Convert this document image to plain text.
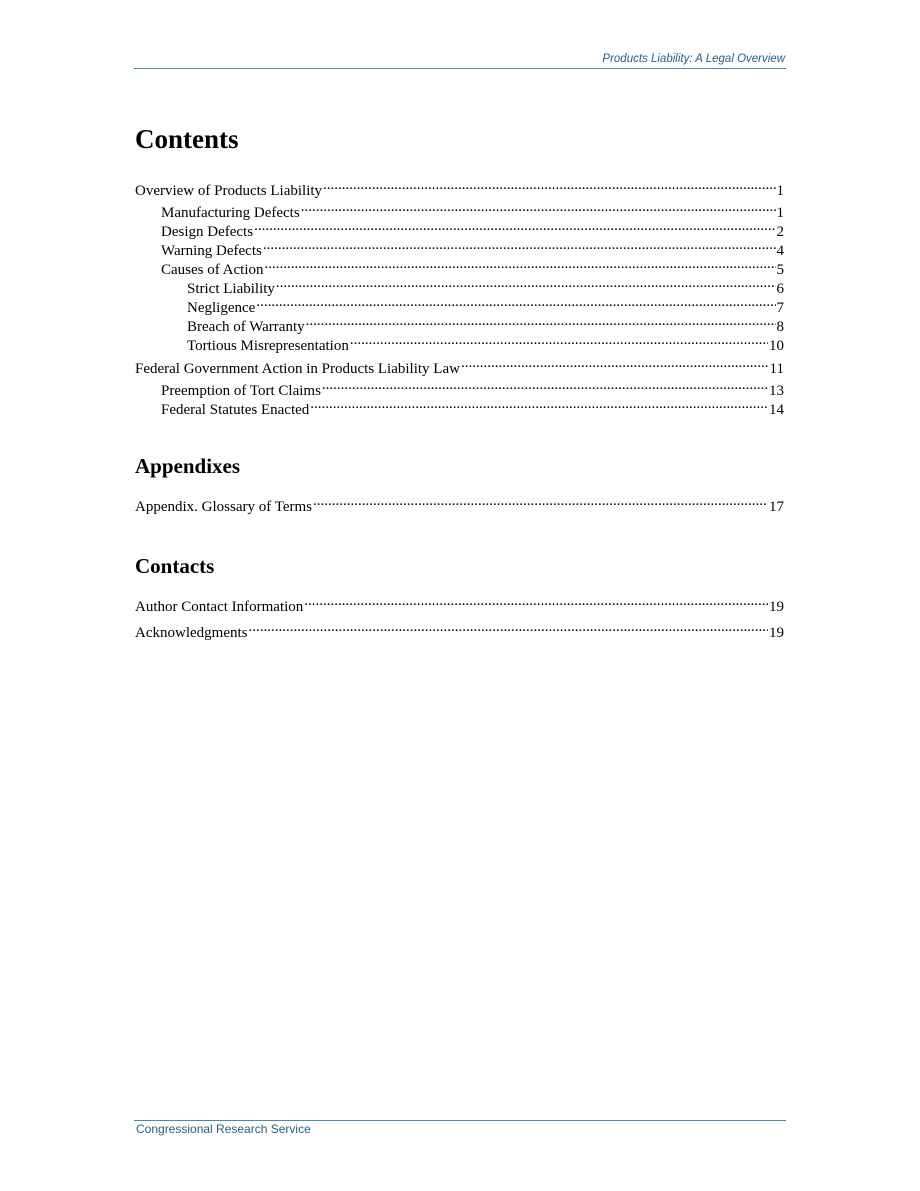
Products Liability: A Legal Overview
Contents
Overview of Products Liability .....	1
Manufacturing Defects .....	1
Design Defects .....	2
Warning Defects .....	4
Causes of Action .....	5
Strict Liability .....	6
Negligence .....	7
Breach of Warranty .....	8
Tortious Misrepresentation .....	10
Federal Government Action in Products Liability Law .....	11
Preemption of Tort Claims .....	13
Federal Statutes Enacted .....	14
Appendixes
Appendix. Glossary of Terms .....	17
Contacts
Author Contact Information .....	19
Acknowledgments .....	19
Congressional Research Service
